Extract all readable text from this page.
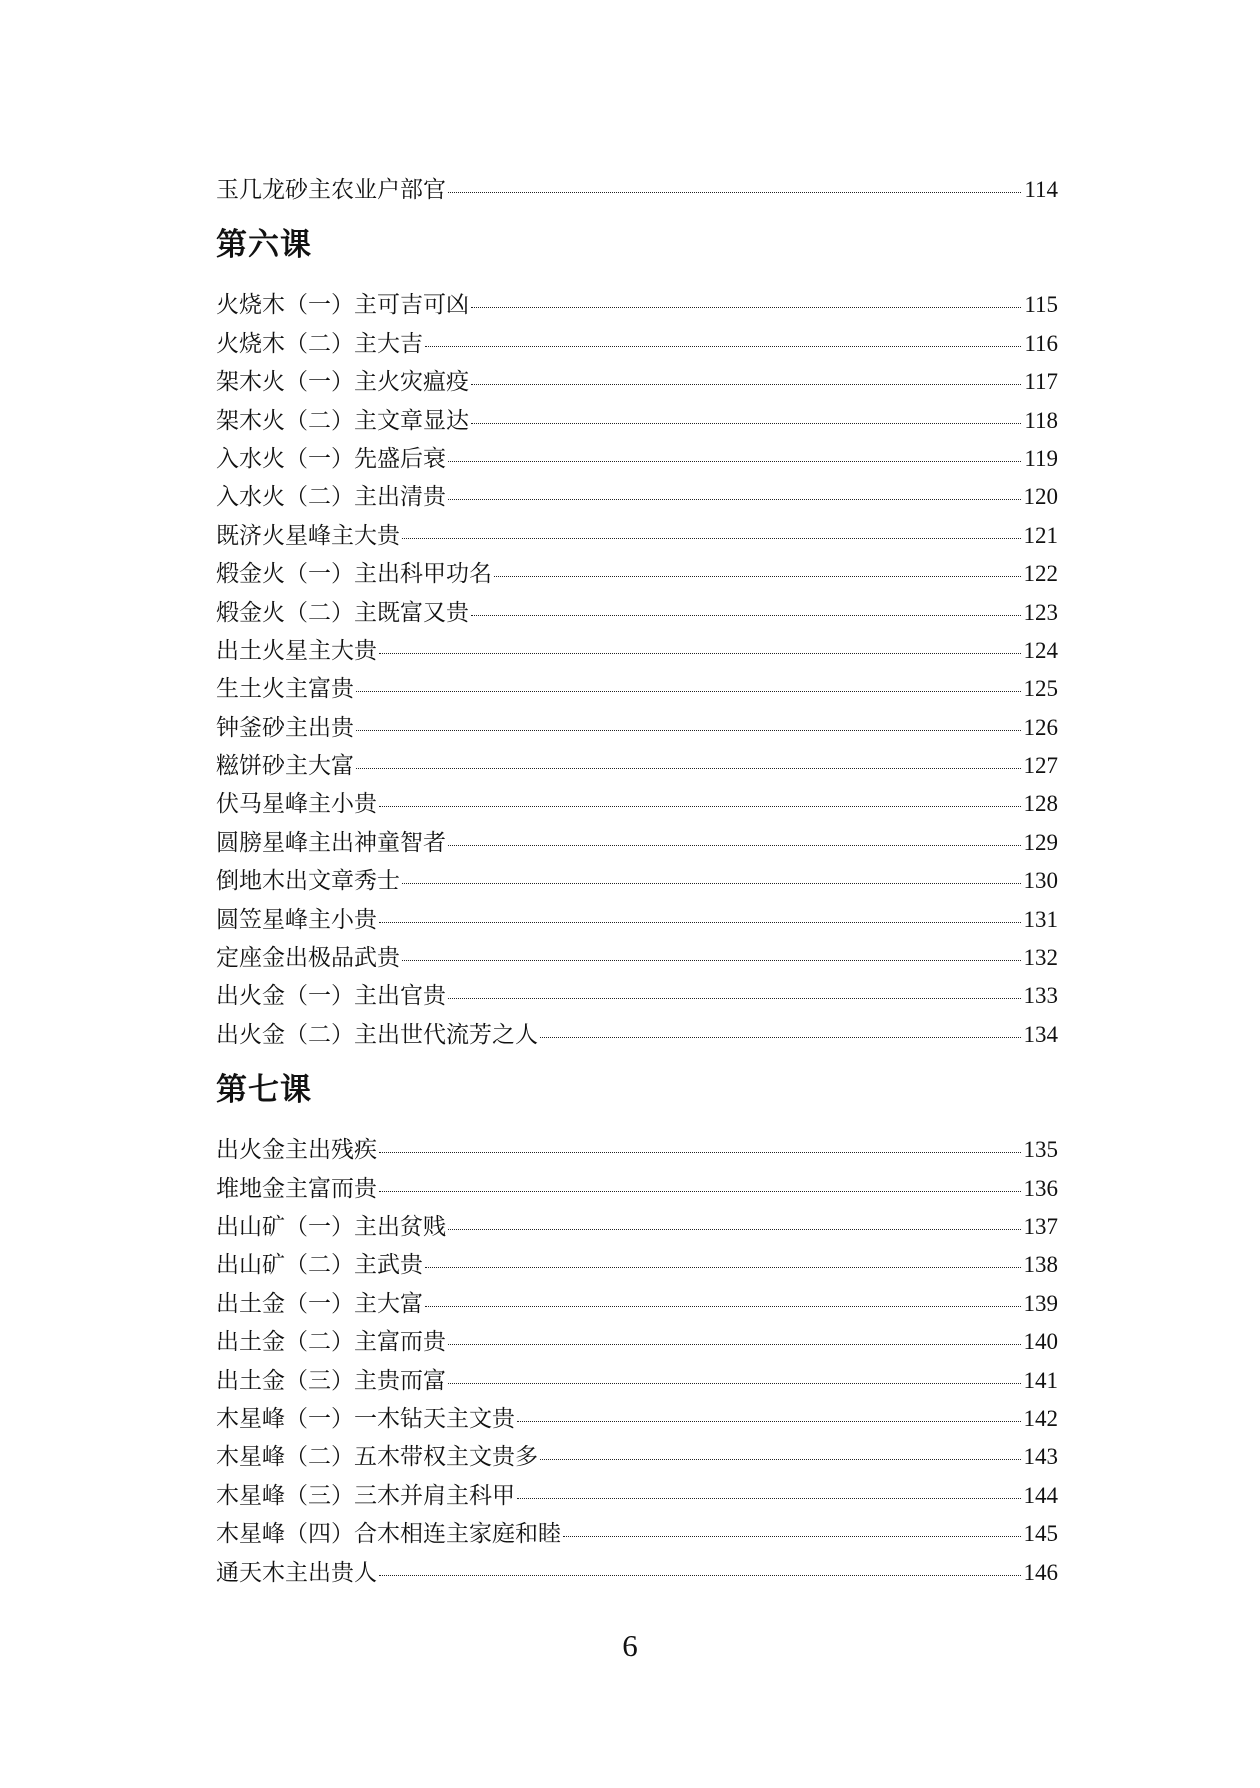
玉几龙砂主农业户部官	114
第六课
火烧木（一）主可吉可凶	115
火烧木（二）主大吉	116
架木火（一）主火灾瘟疫	117
架木火（二）主文章显达	118
入水火（一）先盛后衰	119
入水火（二）主出清贵	120
既济火星峰主大贵	121
煅金火（一）主出科甲功名	122
煅金火（二）主既富又贵	123
出土火星主大贵	124
生土火主富贵	125
钟釜砂主出贵	126
糍饼砂主大富	127
伏马星峰主小贵	128
圆膀星峰主出神童智者	129
倒地木出文章秀士	130
圆笠星峰主小贵	131
定座金出极品武贵	132
出火金（一）主出官贵	133
出火金（二）主出世代流芳之人	134
第七课
出火金主出残疾	135
堆地金主富而贵	136
出山矿（一）主出贫贱	137
出山矿（二）主武贵	138
出土金（一）主大富	139
出土金（二）主富而贵	140
出土金（三）主贵而富	141
木星峰（一）一木钻天主文贵	142
木星峰（二）五木带权主文贵多	143
木星峰（三）三木并肩主科甲	144
木星峰（四）合木相连主家庭和睦	145
通天木主出贵人	146
6
